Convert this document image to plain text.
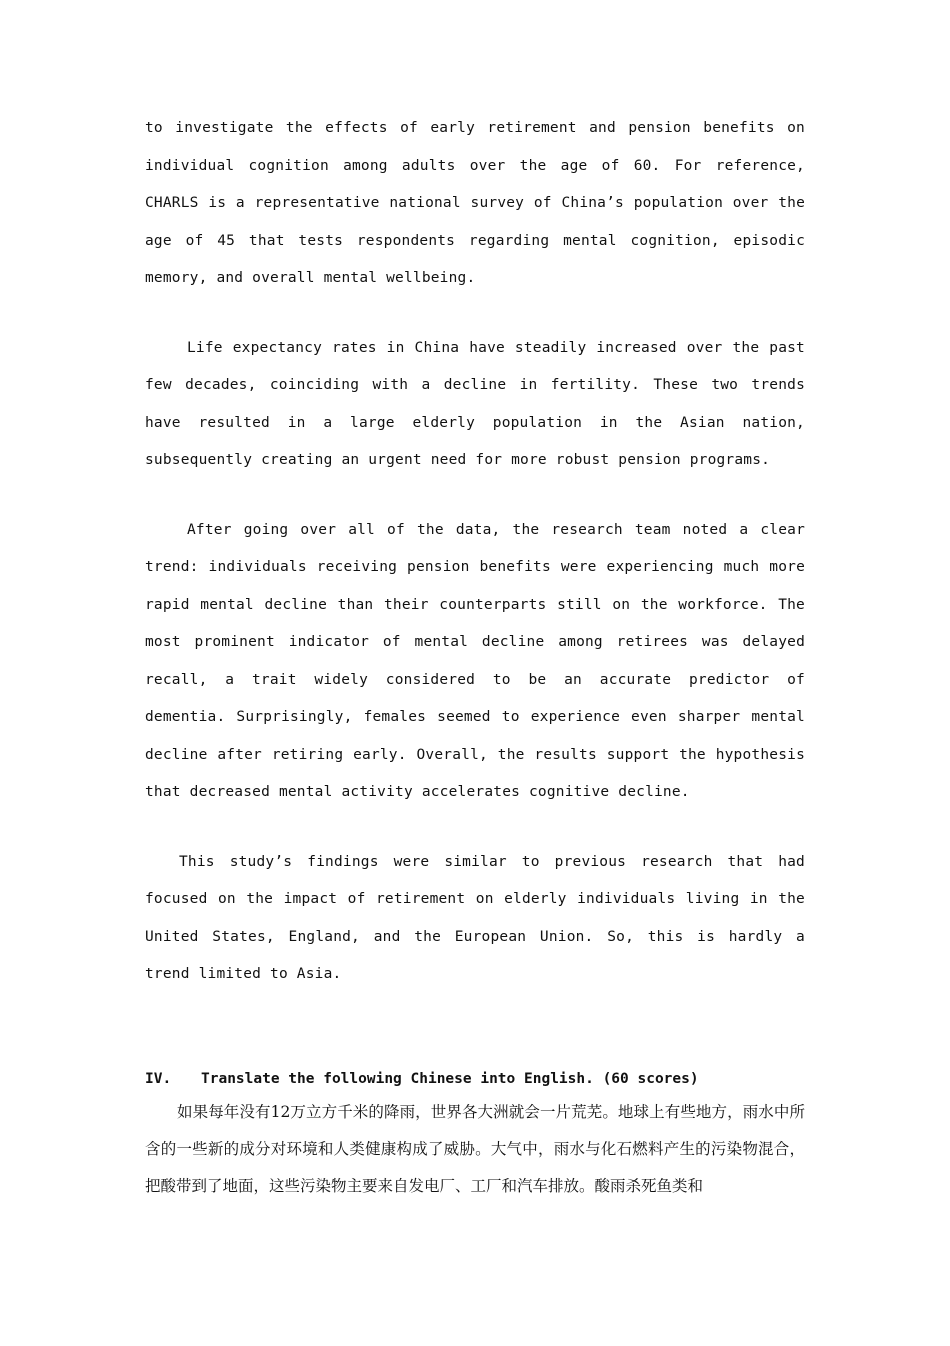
to investigate the effects of early retirement and pension benefits on individual cognition among adults over the age of 60. For reference, CHARLS is a representative national survey of China’s population over the age of 45 that tests respondents regarding mental cognition, episodic memory, and overall mental wellbeing.

Life expectancy rates in China have steadily increased over the past few decades, coinciding with a decline in fertility. These two trends have resulted in a large elderly population in the Asian nation, subsequently creating an urgent need for more robust pension programs.

After going over all of the data, the research team noted a clear trend: individuals receiving pension benefits were experiencing much more rapid mental decline than their counterparts still on the workforce. The most prominent indicator of mental decline among retirees was delayed recall, a trait widely considered to be an accurate predictor of dementia. Surprisingly, females seemed to experience even sharper mental decline after retiring early. Overall, the results support the hypothesis that decreased mental activity accelerates cognitive decline.

This study’s findings were similar to previous research that had focused on the impact of retirement on elderly individuals living in the United States, England, and the European Union. So, this is hardly a trend limited to Asia.

IV.	Translate the following Chinese into English. (60 scores)

如果每年没有12万立方千米的降雨，世界各大洲就会一片荒芜。地球上有些地方，雨水中所含的一些新的成分对环境和人类健康构成了威胁。大气中，雨水与化石燃料产生的污染物混合，把酸带到了地面，这些污染物主要来自发电厂、工厂和汽车排放。酸雨杀死鱼类和
